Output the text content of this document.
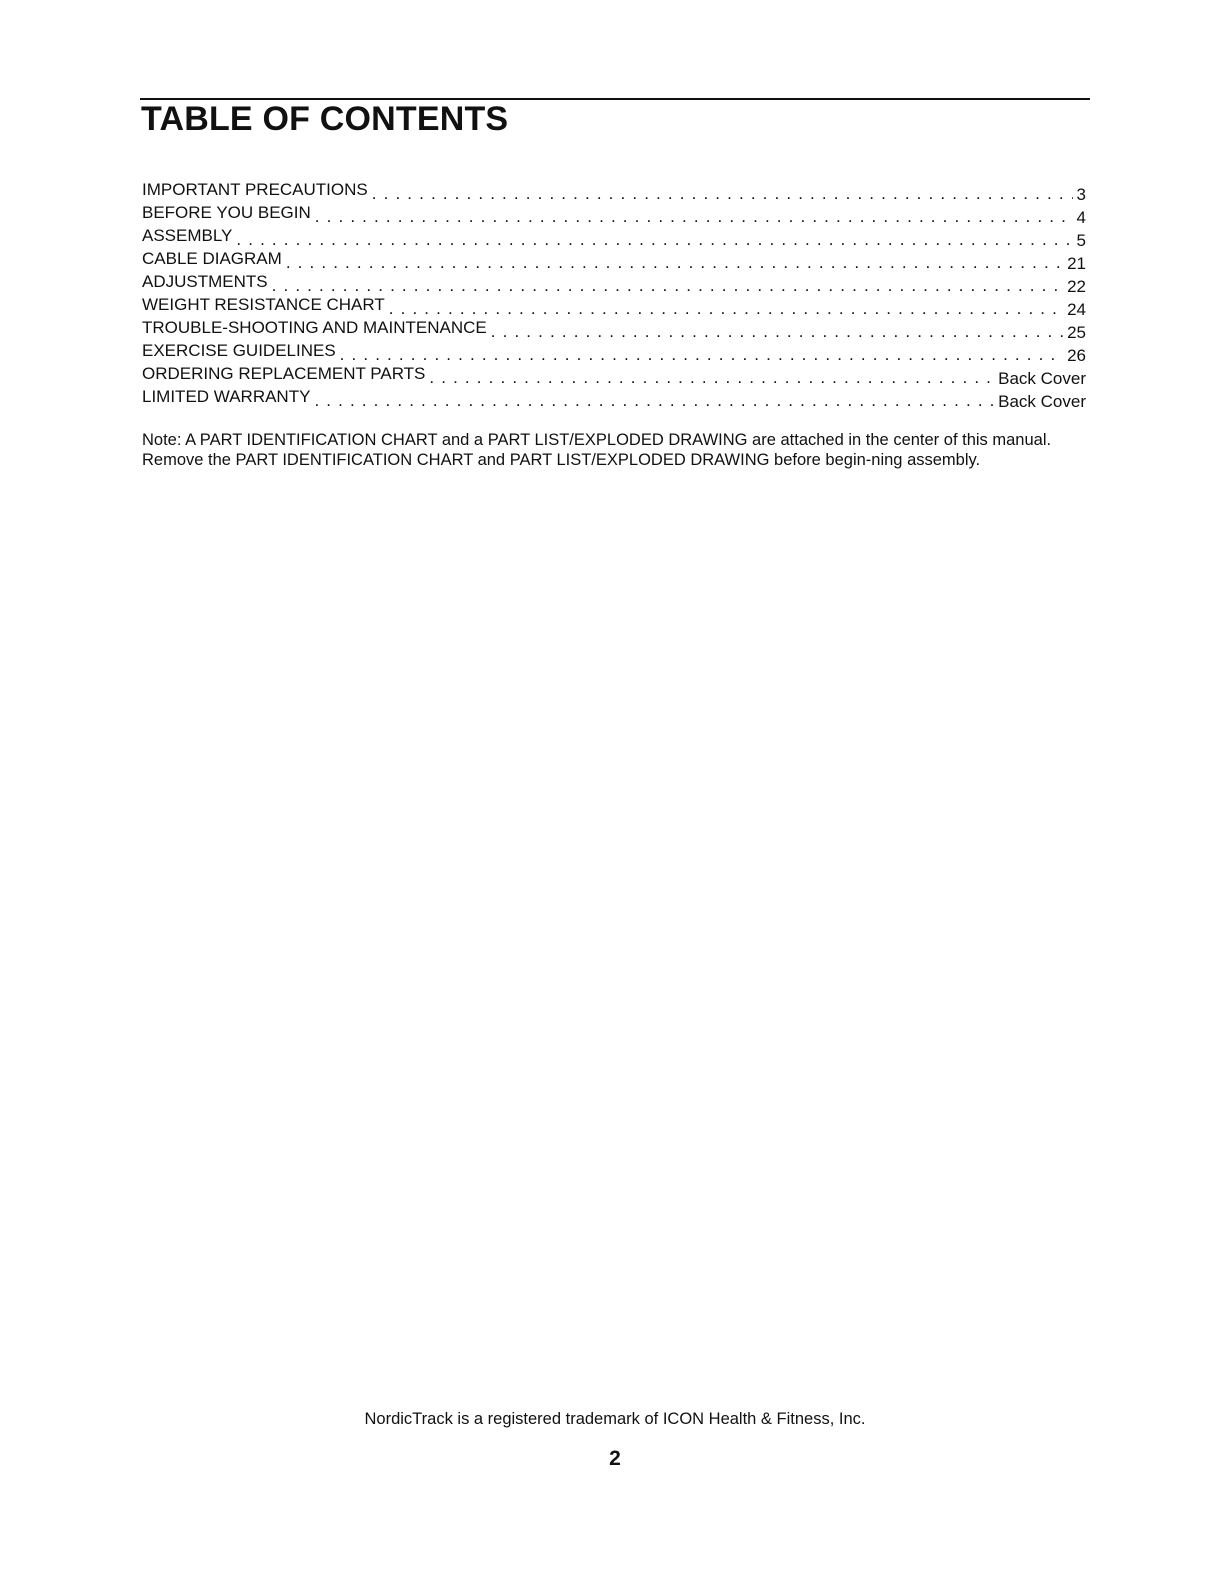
TABLE OF CONTENTS
IMPORTANT PRECAUTIONS . . .	3
BEFORE YOU BEGIN . . .	4
ASSEMBLY . . .	5
CABLE DIAGRAM . . .	21
ADJUSTMENTS . . .	22
WEIGHT RESISTANCE CHART . . .	24
TROUBLE-SHOOTING AND MAINTENANCE . . .	25
EXERCISE GUIDELINES . . .	26
ORDERING REPLACEMENT PARTS . . .	Back Cover
LIMITED WARRANTY . . .	Back Cover

Note: A PART IDENTIFICATION CHART and a PART LIST/EXPLODED DRAWING are attached in the center of this manual. Remove the PART IDENTIFICATION CHART and PART LIST/EXPLODED DRAWING before begin-ning assembly.

NordicTrack is a registered trademark of ICON Health & Fitness, Inc.

2
